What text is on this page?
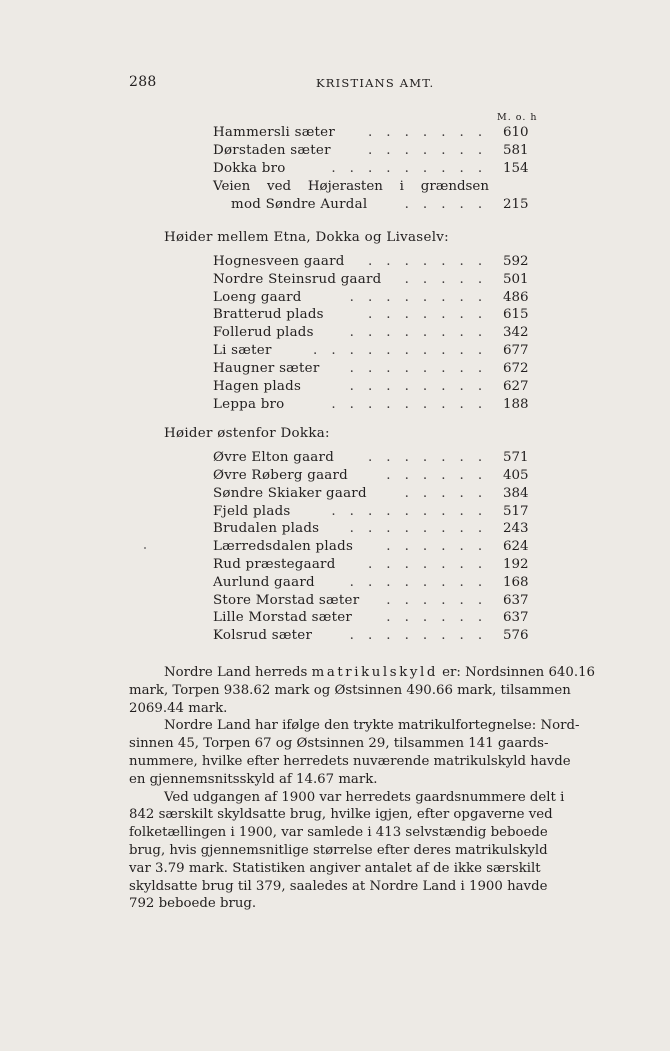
288	KRISTIANS AMT.
M. o. h
Hammersli sæter . . . . . . . 610
Dørstaden sæter	. . . . . . . 581
Dokka bro	. . . . . . . . . 154
Veien ved Højerasten i grændsen
mod Søndre Aurdal	. . . . . 215
Høider mellem Etna, Dokka og Livaselv:
Hognesveen gaard . . . . . . . 592
Nordre Steinsrud gaard . . . . . 501
Loeng gaard	. . . . . . . . 486
Bratterud plads	. . . . . . . 615
Follerud plads	. . . . . . . . 342
Li sæter	. . . . . . . . . . 677
Haugner sæter . . . . . . . . 672
Hagen plads	. . . . . . . . 627
Leppa bro	. . . . . . . . . 188
Høider østenfor Dokka:
Øvre Elton gaard	. . . . . . . 571
Øvre Røberg gaard	. . . . . . 405
Søndre Skiaker gaard	. . . . . 384
Fjeld plads	. . . . . . . . . 517
Brudalen plads . . . . . . . . 243
Lærredsdalen plads . . . . . . 624
Rud præstegaard . . . . . . . 192
Aurlund gaard	. . . . . . . . 168
Store Morstad sæter . . . . . . 637
Lille Morstad sæter	. . . . . . 637
Kolsrud sæter	. . . . . . . . 576
Nordre Land herreds matrikulskyld er: Nordsinnen 640.16
mark, Torpen 938.62 mark og Østsinnen 490.66 mark, tilsammen
2069.44 mark.
Nordre Land har ifølge den trykte matrikulfortegnelse: Nord-
sinnen 45, Torpen 67 og Østsinnen 29, tilsammen 141 gaards-
nummere, hvilke efter herredets nuværende matrikulskyld havde
en gjennemsnitsskyld af 14.67 mark.
Ved udgangen af 1900 var herredets gaardsnummere delt i
842 særskilt skyldsatte brug, hvilke igjen, efter opgaverne ved
folketællingen i 1900, var samlede i 413 selvstændig beboede
brug, hvis gjennemsnitlige størrelse efter deres matrikulskyld
var 3.79 mark. Statistiken angiver antalet af de ikke særskilt
skyldsatte brug til 379, saaledes at Nordre Land i 1900 havde
792 beboede brug.
